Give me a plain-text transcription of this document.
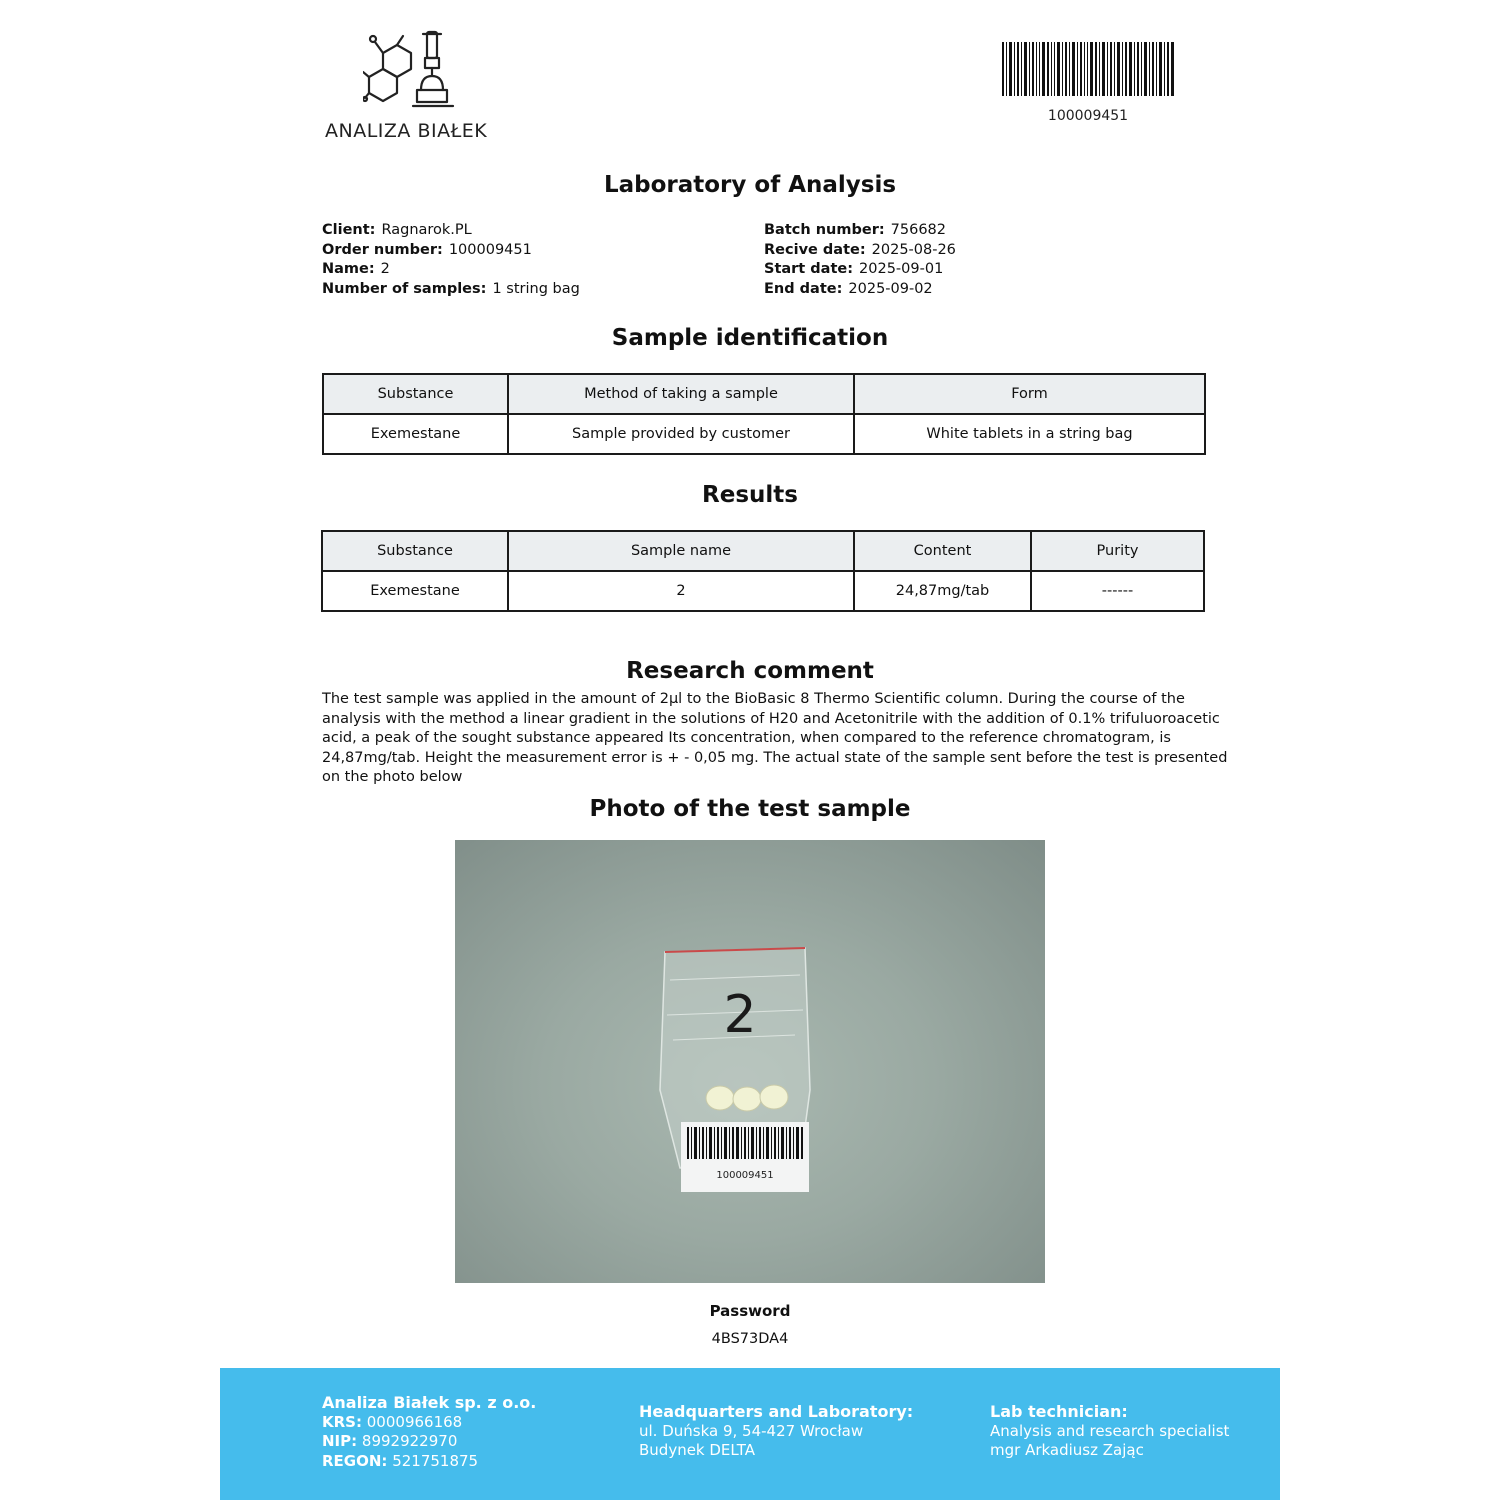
ANALIZA BIAŁEK
100009451
Laboratory of Analysis
Client: Ragnarok.PL
Order number: 100009451
Name: 2
Number of samples: 1 string bag
Batch number: 756682
Recive date: 2025-08-26
Start date: 2025-09-01
End date: 2025-09-02
Sample identification
Substance	Method of taking a sample	Form
Exemestane	Sample provided by customer	White tablets in a string bag
Results
Substance	Sample name	Content	Purity
Exemestane	2	24,87mg/tab	------
Research comment
The test sample was applied in the amount of 2µl to the BioBasic 8 Thermo Scientific column. During the course of the analysis with the method a linear gradient in the solutions of H20 and Acetonitrile with the addition of 0.1% trifuluoroacetic acid, a peak of the sought substance appeared Its concentration, when compared to the reference chromatogram, is 24,87mg/tab. Height the measurement error is + - 0,05 mg. The actual state of the sample sent before the test is presented on the photo below
Photo of the test sample
100009451
2
Password
4BS73DA4
Analiza Białek sp. z o.o.
KRS: 0000966168
NIP: 8992922970
REGON: 521751875
Headquarters and Laboratory:
ul. Duńska 9, 54-427 Wrocław
Budynek DELTA
Lab technician:
Analysis and research specialist
mgr Arkadiusz Zając
